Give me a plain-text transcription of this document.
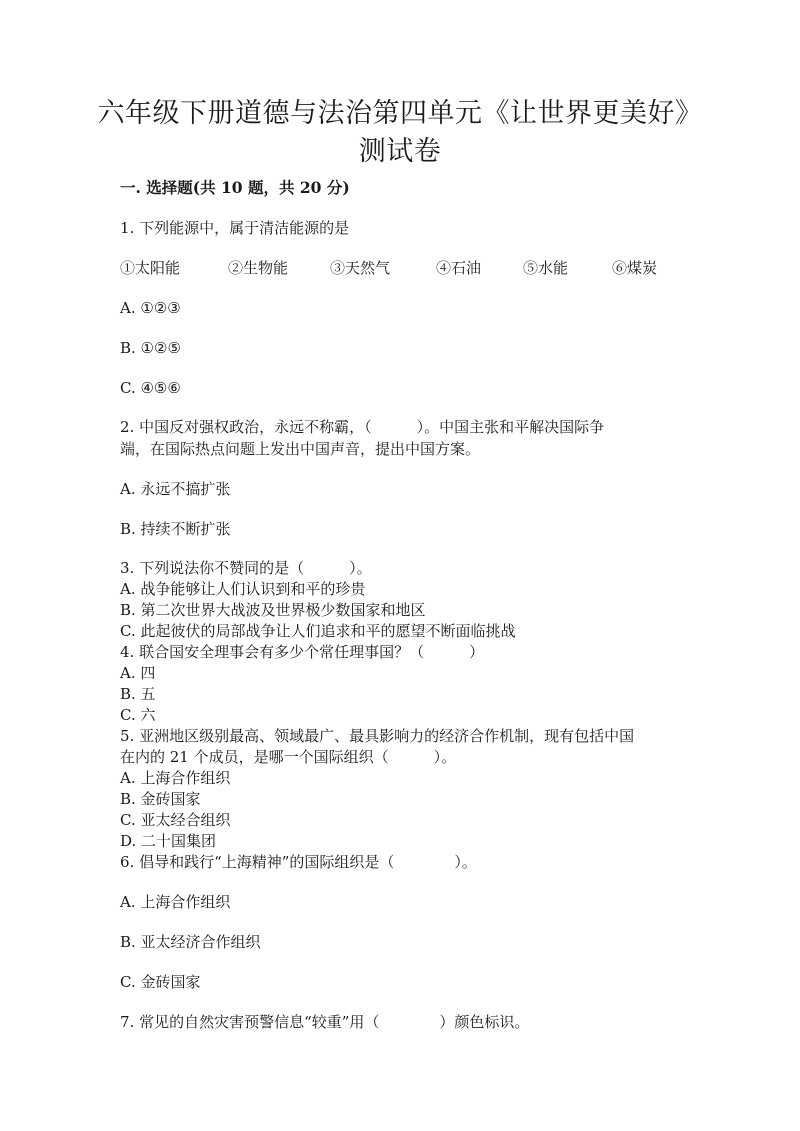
六年级下册道德与法治第四单元《让世界更美好》
测试卷
一. 选择题(共 10 题，共 20 分)
1. 下列能源中，属于清洁能源的是
①太阳能	②生物能	③天然气	④石油	⑤水能	⑥煤炭
A. ①②③
B. ①②⑤
C. ④⑤⑥
2. 中国反对强权政治，永远不称霸，（　　　）。中国主张和平解决国际争
端，在国际热点问题上发出中国声音，提出中国方案。
A. 永远不搞扩张
B. 持续不断扩张
3. 下列说法你不赞同的是（　　　）。
A. 战争能够让人们认识到和平的珍贵
B. 第二次世界大战波及世界极少数国家和地区
C. 此起彼伏的局部战争让人们追求和平的愿望不断面临挑战
4. 联合国安全理事会有多少个常任理事国？（　　　）
A. 四
B. 五
C. 六
5. 亚洲地区级别最高、领域最广、最具影响力的经济合作机制，现有包括中国
在内的 21 个成员，是哪一个国际组织（　　　）。
A. 上海合作组织
B. 金砖国家
C. 亚太经合组织
D. 二十国集团
6. 倡导和践行“上海精神”的国际组织是（　　　　）。
A. 上海合作组织
B. 亚太经济合作组织
C. 金砖国家
7. 常见的自然灾害预警信息“较重”用（　　　　）颜色标识。
